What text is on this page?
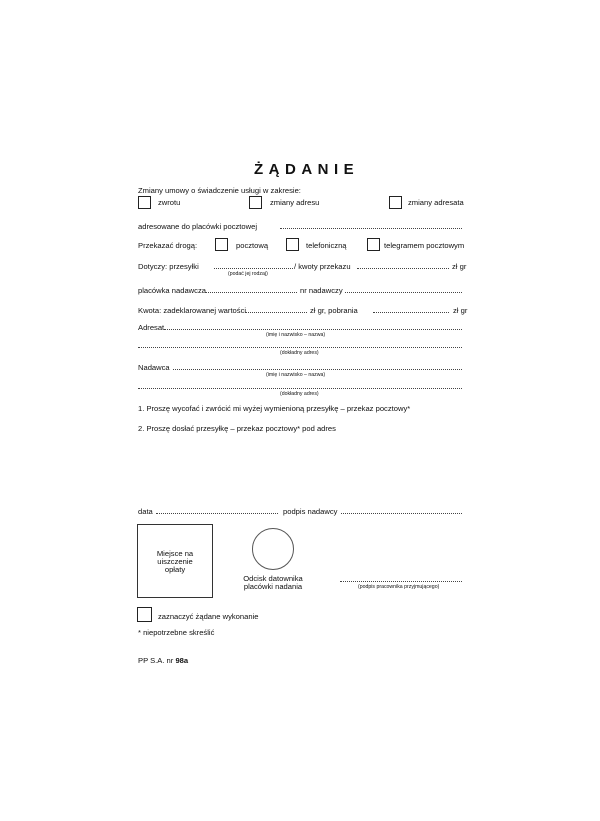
ŻĄDANIE
Zmiany umowy o świadczenie usługi w zakresie:
zwrotu	zmiany adresu	zmiany adresata
adresowane do placówki pocztowej
Przekazać drogą:	pocztową	telefoniczną	telegramem pocztowym
Dotyczy: przesyłki
(podać jej rodzaj)
/ kwoty przekazu	zł gr
placówka nadawcza	nr nadawczy
Kwota: zadeklarowanej wartości	zł gr, pobrania	zł gr
Adresat
(imię i nazwisko – nazwa)
(dokładny adres)
Nadawca
(imię i nazwisko – nazwa)
(dokładny adres)
1. Proszę wycofać i zwrócić mi wyżej wymienioną przesyłkę – przekaz pocztowy*
2. Proszę dosłać przesyłkę – przekaz pocztowy* pod adres
data	podpis nadawcy
Miejsce na
uiszczenie
opłaty
Odcisk datownika
placówki nadania	(podpis pracownika przyjmującego)
zaznaczyć żądane wykonanie
* niepotrzebne skreślić
PP S.A. nr 98a
